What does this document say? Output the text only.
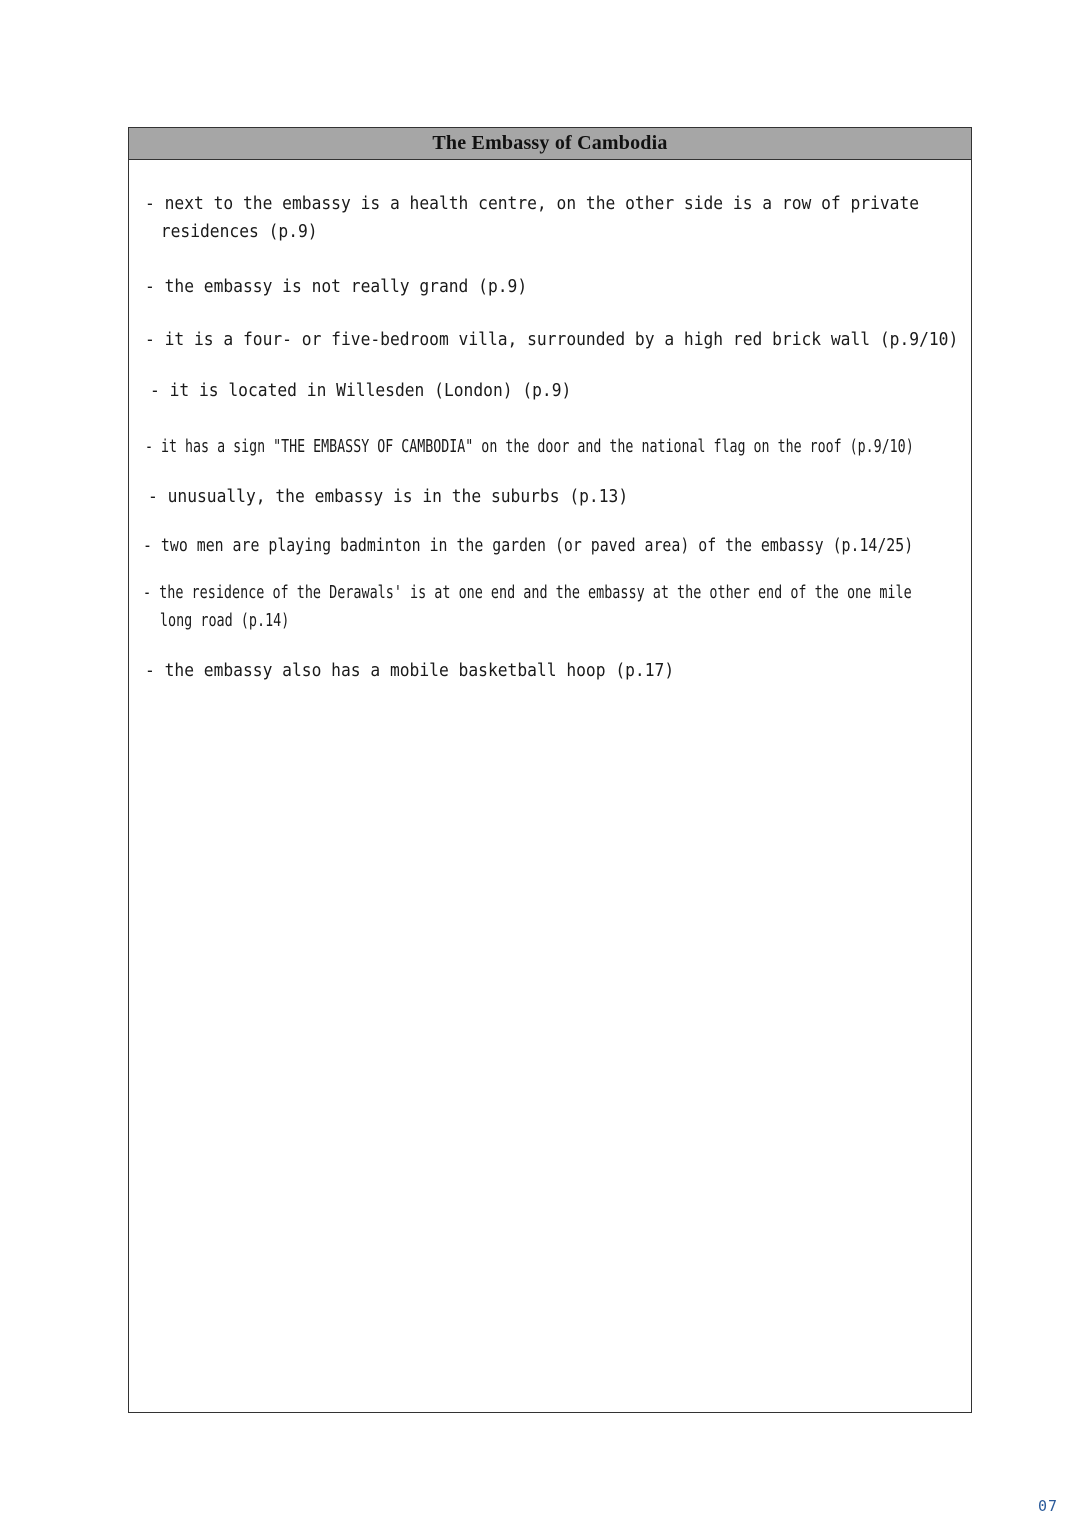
The Embassy of Cambodia
- next to the embassy is a health centre, on the other side is a row of private
residences (p.9)
- the embassy is not really grand (p.9)
- it is a four- or five-bedroom villa, surrounded by a high red brick wall (p.9/10)
- it is located in Willesden (London) (p.9)
- it has a sign "THE EMBASSY OF CAMBODIA" on the door and the national flag on the roof (p.9/10)
- unusually, the embassy is in the suburbs (p.13)
- two men are playing badminton in the garden (or paved area) of the embassy (p.14/25)
- the residence of the Derawals' is at one end and the embassy at the other end of the one mile
long road (p.14)
- the embassy also has a mobile basketball hoop (p.17)
07
